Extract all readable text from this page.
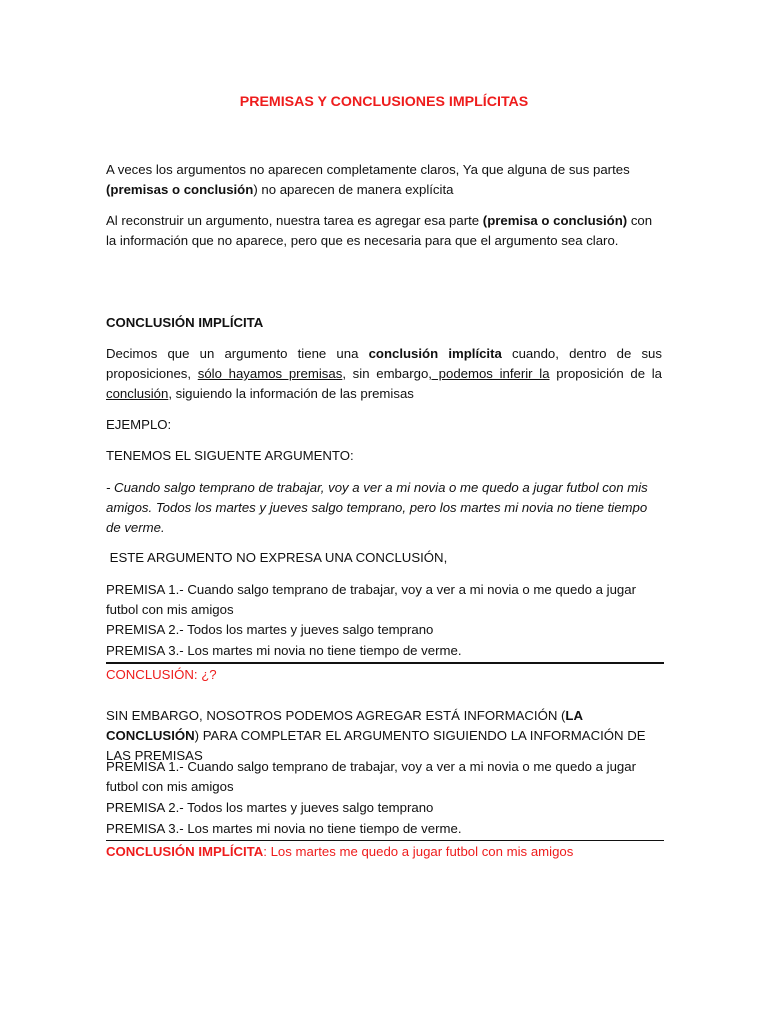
PREMISAS Y CONCLUSIONES IMPLÍCITAS

A veces los argumentos no aparecen completamente claros, Ya que alguna de sus partes (premisas o conclusión) no aparecen de manera explícita

Al reconstruir un argumento, nuestra tarea es agregar esa parte (premisa o conclusión) con la información que no aparece, pero que es necesaria para que el argumento sea claro.

CONCLUSIÓN IMPLÍCITA

Decimos que un argumento tiene una conclusión implícita cuando, dentro de sus proposiciones, sólo hayamos premisas, sin embargo, podemos inferir la proposición de la conclusión, siguiendo la información de las premisas

EJEMPLO:

TENEMOS EL SIGUENTE ARGUMENTO:

- Cuando salgo temprano de trabajar, voy a ver a mi novia o me quedo a jugar futbol con mis amigos. Todos los martes y jueves salgo temprano, pero los martes mi novia no tiene tiempo de verme.

ESTE ARGUMENTO NO EXPRESA UNA CONCLUSIÓN,

PREMISA 1.- Cuando salgo temprano de trabajar, voy a ver a mi novia o me quedo a jugar futbol con mis amigos

PREMISA 2.- Todos los martes y jueves salgo temprano

PREMISA 3.- Los martes mi novia no tiene tiempo de verme.

CONCLUSIÓN: ¿?

SIN EMBARGO, NOSOTROS PODEMOS AGREGAR ESTÁ INFORMACIÓN (LA CONCLUSIÓN) PARA COMPLETAR EL ARGUMENTO SIGUIENDO LA INFORMACIÓN DE LAS PREMISAS

PREMISA 1.- Cuando salgo temprano de trabajar, voy a ver a mi novia o me quedo a jugar futbol con mis amigos

PREMISA 2.- Todos los martes y jueves salgo temprano

PREMISA 3.- Los martes mi novia no tiene tiempo de verme.

CONCLUSIÓN IMPLÍCITA: Los martes me quedo a jugar futbol con mis amigos
